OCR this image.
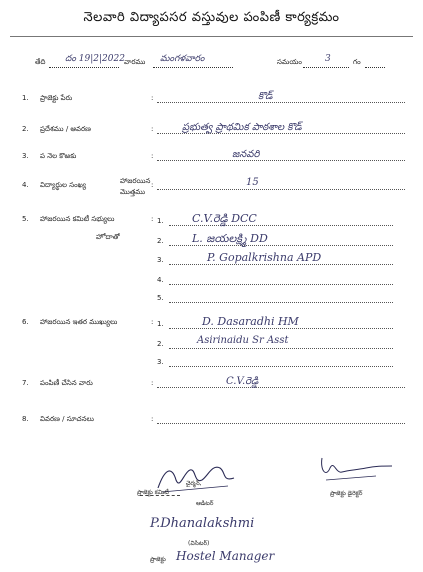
నెలవారి విద్యాపసర వస్తువుల పంపిణీ కార్యక్రమం
తేది దం 19|2|2022 వారము మంగళవారం	సమయం	3	గం
1. ప్రాజెక్టు పేరు	:	కొడ్
2. ప్రదేశము / ఆవరణ	:	ప్రభుత్వ ప్రాథమిక పాఠశాల కొడ్
3. ప నెల కొఱకు	:	జనవరి
4. విద్యార్థుల సంఖ్య	హాజరయిన
మొత్తము
:	15
5. హాజరయిన కమిటీ సభ్యులు	:
హోదాతో
1.	C.V.రెడ్డి DCC
2.	L. జయలక్ష్మి DD
3.	P. Gopalkrishna APD
4.
5.
6. హాజరయిన ఇతర ముఖ్యులు	: 1.	D. Dasaradhi HM
2.	Asirinaidu Sr Asst
3.
7. పంపిణీ చేసిన వారు	:	C.V.రెడ్డి
8. వివరణ / సూచనలు	:
ప్రాజెక్టు కమిటీ
చైర్మన్,
ఆడిటర్
ప్రాజెక్టు డైరెక్టర్
P.Dhanalakshmi
(విసిటర్)
ప్రాజెక్టు Hostel Manager
